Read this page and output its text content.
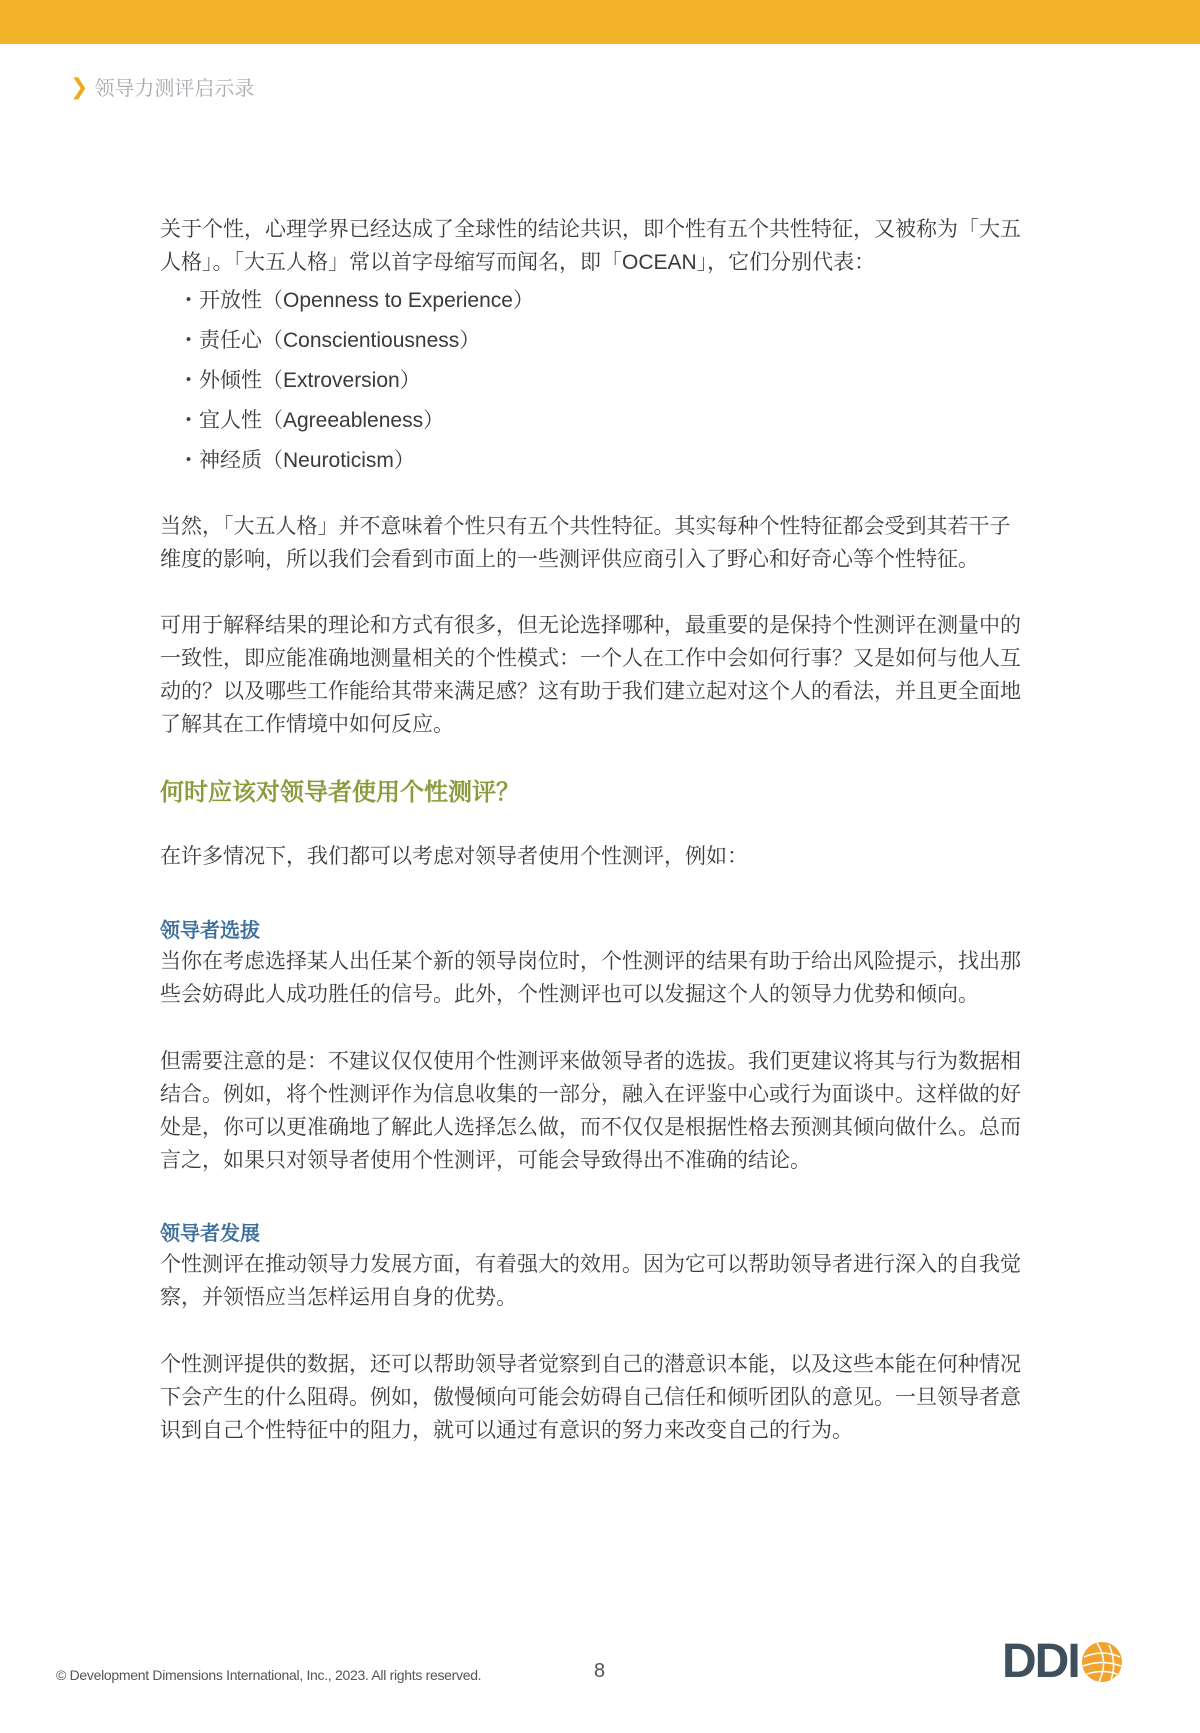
❯ 领导力测评启示录
关于个性，心理学界已经达成了全球性的结论共识，即个性有五个共性特征，又被称为「大五
人格」。「大五人格」常以首字母缩写而闻名，即「OCEAN」，它们分别代表：
・开放性（Openness to Experience）
・责任心（Conscientiousness）
・外倾性（Extroversion）
・宜人性（Agreeableness）
・神经质（Neuroticism）
当然，「大五人格」并不意味着个性只有五个共性特征。其实每种个性特征都会受到其若干子
维度的影响，所以我们会看到市面上的一些测评供应商引入了野心和好奇心等个性特征。
可用于解释结果的理论和方式有很多，但无论选择哪种，最重要的是保持个性测评在测量中的
一致性，即应能准确地测量相关的个性模式：一个人在工作中会如何行事？又是如何与他人互
动的？以及哪些工作能给其带来满足感？这有助于我们建立起对这个人的看法，并且更全面地
了解其在工作情境中如何反应。
何时应该对领导者使用个性测评？
在许多情况下，我们都可以考虑对领导者使用个性测评，例如：
领导者选拔
当你在考虑选择某人出任某个新的领导岗位时，个性测评的结果有助于给出风险提示，找出那
些会妨碍此人成功胜任的信号。此外，个性测评也可以发掘这个人的领导力优势和倾向。
但需要注意的是：不建议仅仅使用个性测评来做领导者的选拔。我们更建议将其与行为数据相
结合。例如，将个性测评作为信息收集的一部分，融入在评鉴中心或行为面谈中。这样做的好
处是，你可以更准确地了解此人选择怎么做，而不仅仅是根据性格去预测其倾向做什么。总而
言之，如果只对领导者使用个性测评，可能会导致得出不准确的结论。
领导者发展
个性测评在推动领导力发展方面，有着强大的效用。因为它可以帮助领导者进行深入的自我觉
察，并领悟应当怎样运用自身的优势。
个性测评提供的数据，还可以帮助领导者觉察到自己的潜意识本能，以及这些本能在何种情况
下会产生的什么阻碍。例如，傲慢倾向可能会妨碍自己信任和倾听团队的意见。一旦领导者意
识到自己个性特征中的阻力，就可以通过有意识的努力来改变自己的行为。
© Development Dimensions International, Inc., 2023. All rights reserved.	8	DDI
